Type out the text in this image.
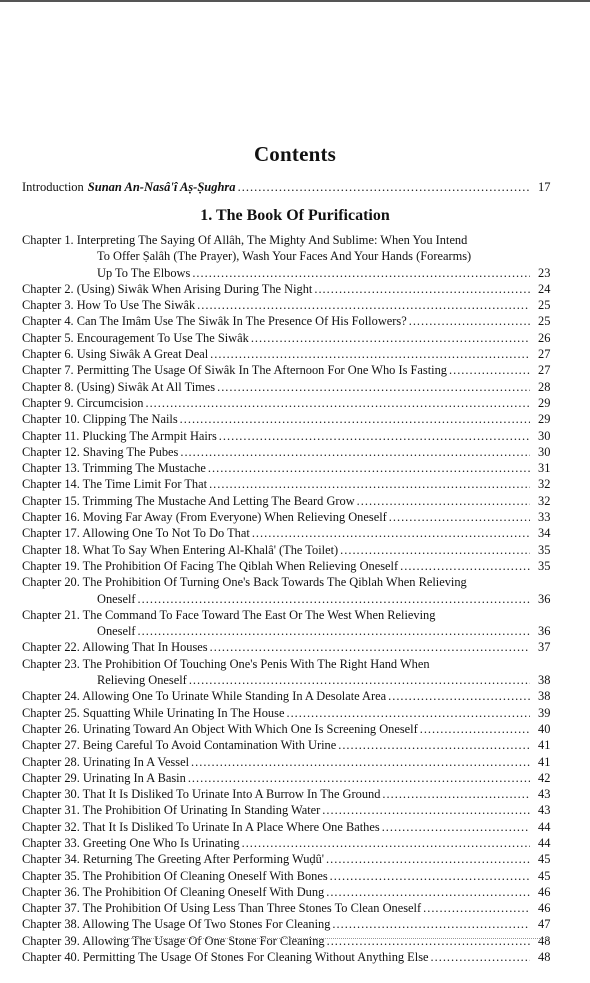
Contents
Introduction Sunan An-Nasâ'î Aṣ-Ṣughra .....	17
1. The Book Of Purification
Chapter 1. Interpreting The Saying Of Allâh, The Mighty And Sublime: When You Intend
To Offer Ṣalâh (The Prayer), Wash Your Faces And Your Hands (Forearms)
Up To The Elbows .....	23
Chapter 2. (Using) Siwâk When Arising During The Night .....	24
Chapter 3. How To Use The Siwâk .....	25
Chapter 4. Can The Imâm Use The Siwâk In The Presence Of His Followers? .....	25
Chapter 5. Encouragement To Use The Siwâk .....	26
Chapter 6. Using Siwâk A Great Deal .....	27
Chapter 7. Permitting The Usage Of Siwâk In The Afternoon For One Who Is Fasting .....	27
Chapter 8. (Using) Siwâk At All Times .....	28
Chapter 9. Circumcision .....	29
Chapter 10. Clipping The Nails .....	29
Chapter 11. Plucking The Armpit Hairs .....	30
Chapter 12. Shaving The Pubes .....	30
Chapter 13. Trimming The Mustache .....	31
Chapter 14. The Time Limit For That .....	32
Chapter 15. Trimming The Mustache And Letting The Beard Grow .....	32
Chapter 16. Moving Far Away (From Everyone) When Relieving Oneself .....	33
Chapter 17. Allowing One To Not To Do That .....	34
Chapter 18. What To Say When Entering Al-Khalâ' (The Toilet) .....	35
Chapter 19. The Prohibition Of Facing The Qiblah When Relieving Oneself .....	35
Chapter 20. The Prohibition Of Turning One's Back Towards The Qiblah When Relieving
Oneself .....	36
Chapter 21. The Command To Face Toward The East Or The West When Relieving
Oneself .....	36
Chapter 22. Allowing That In Houses .....	37
Chapter 23. The Prohibition Of Touching One's Penis With The Right Hand When
Relieving Oneself .....	38
Chapter 24. Allowing One To Urinate While Standing In A Desolate Area .....	38
Chapter 25. Squatting While Urinating In The House .....	39
Chapter 26. Urinating Toward An Object With Which One Is Screening Oneself .....	40
Chapter 27. Being Careful To Avoid Contamination With Urine .....	41
Chapter 28. Urinating In A Vessel .....	41
Chapter 29. Urinating In A Basin .....	42
Chapter 30. That It Is Disliked To Urinate Into A Burrow In The Ground .....	43
Chapter 31. The Prohibition Of Urinating In Standing Water .....	43
Chapter 32. That It Is Disliked To Urinate In A Place Where One Bathes .....	44
Chapter 33. Greeting One Who Is Urinating .....	44
Chapter 34. Returning The Greeting After Performing Wuḍû' .....	45
Chapter 35. The Prohibition Of Cleaning Oneself With Bones .....	45
Chapter 36. The Prohibition Of Cleaning Oneself With Dung .....	46
Chapter 37. The Prohibition Of Using Less Than Three Stones To Clean Oneself .....	46
Chapter 38. Allowing The Usage Of Two Stones For Cleaning .....	47
Chapter 39. Allowing The Usage Of One Stone For Cleaning .....	48
Chapter 40. Permitting The Usage Of Stones For Cleaning Without Anything Else .....	48
